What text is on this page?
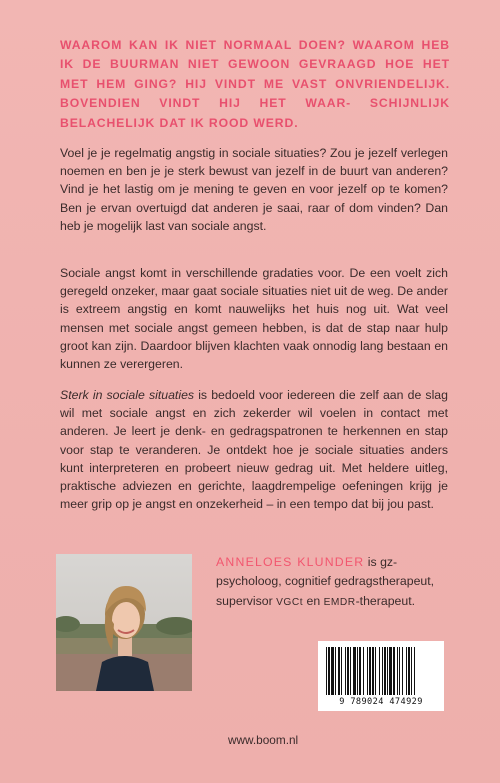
WAAROM KAN IK NIET NORMAAL DOEN? WAAROM HEB IK DE BUURMAN NIET GEWOON GEVRAAGD HOE HET MET HEM GING? HIJ VINDT ME VAST ONVRIENDELIJK. BOVENDIEN VINDT HIJ HET WAAR- SCHIJNLIJK BELACHELIJK DAT IK ROOD WERD.
Voel je je regelmatig angstig in sociale situaties? Zou je jezelf verlegen noemen en ben je je sterk bewust van jezelf in de buurt van anderen? Vind je het lastig om je mening te geven en voor jezelf op te komen? Ben je ervan overtuigd dat anderen je saai, raar of dom vinden? Dan heb je mogelijk last van sociale angst.
Sociale angst komt in verschillende gradaties voor. De een voelt zich geregeld onzeker, maar gaat sociale situaties niet uit de weg. De ander is extreem angstig en komt nauwelijks het huis nog uit. Wat veel mensen met sociale angst gemeen hebben, is dat de stap naar hulp groot kan zijn. Daardoor blijven klachten vaak onnodig lang bestaan en kunnen ze verergeren.
Sterk in sociale situaties is bedoeld voor iedereen die zelf aan de slag wil met sociale angst en zich zekerder wil voelen in contact met anderen. Je leert je denk- en gedragspatronen te herkennen en stap voor stap te veranderen. Je ontdekt hoe je sociale situaties anders kunt interpreteren en probeert nieuw gedrag uit. Met heldere uitleg, praktische adviezen en gerichte, laagdrempelige oefeningen krijg je meer grip op je angst en onzekerheid – in een tempo dat bij jou past.
ANNELOES KLUNDER is gz-psycholoog, cognitief gedragstherapeut, supervisor VGCt en EMDR-therapeut.
9 789024 474929
www.boom.nl
